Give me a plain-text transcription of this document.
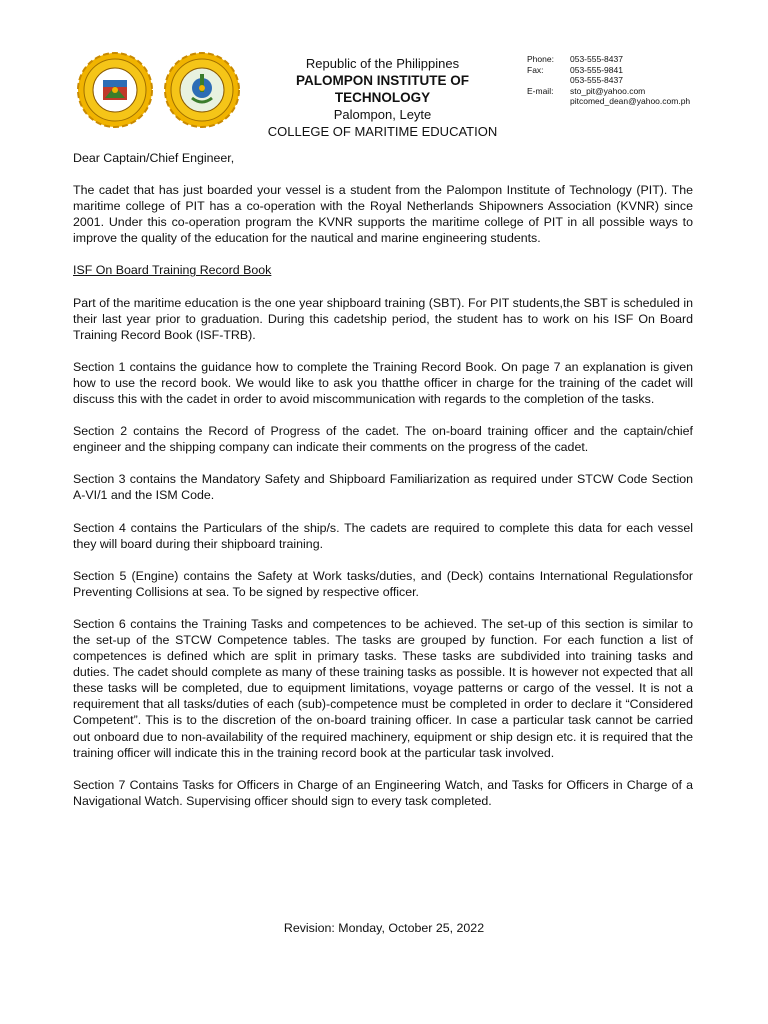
Republic of the Philippines
PALOMPON INSTITUTE OF TECHNOLOGY
Palompon, Leyte
COLLEGE OF MARITIME EDUCATION
Phone:	053-555-8437
Fax:	053-555-9841
053-555-8437
E-mail:	sto_pit@yahoo.com
pitcomed_dean@yahoo.com.ph

Dear Captain/Chief Engineer,

The cadet that has just boarded your vessel is a student from the Palompon Institute of Technology (PIT). The maritime college of PIT has a co-operation with the Royal Netherlands Shipowners Association (KVNR) since 2001. Under this co-operation program the KVNR supports the maritime college of PIT in all possible ways to improve the quality of the education for the nautical and marine engineering students.

ISF On Board Training Record Book

Part of the maritime education is the one year shipboard training (SBT). For PIT students,the SBT is scheduled in their last year prior to graduation. During this cadetship period, the student has to work on his ISF On Board Training Record Book (ISF-TRB).

Section 1 contains the guidance how to complete the Training Record Book. On page 7 an explanation is given how to use the record book. We would like to ask you thatthe officer in charge for the training of the cadet will discuss this with the cadet in order to avoid miscommunication with regards to the completion of the tasks.

Section 2 contains the Record of Progress of the cadet. The on-board training officer and the captain/chief engineer and the shipping company can indicate their comments on the progress of the cadet.

Section 3 contains the Mandatory Safety and Shipboard Familiarization as required under STCW Code Section A-VI/1 and the ISM Code.

Section 4 contains the Particulars of the ship/s. The cadets are required to complete this data for each vessel they will board during their shipboard training.

Section 5 (Engine) contains the Safety at Work tasks/duties, and (Deck) contains International Regulationsfor Preventing Collisions at sea. To be signed by respective officer.

Section 6 contains the Training Tasks and competences to be achieved. The set-up of this section is similar to the set-up of the STCW Competence tables. The tasks are grouped by function. For each function a list of competences is defined which are split in primary tasks. These tasks are subdivided into training tasks and duties. The cadet should complete as many of these training tasks as possible. It is however not expected that all these tasks will be completed, due to equipment limitations, voyage patterns or cargo of the vessel. It is not a requirement that all tasks/duties of each (sub)-competence must be completed in order to declare it “Considered Competent”. This is to the discretion of the on-board training officer. In case a particular task cannot be carried out onboard due to non-availability of the required machinery, equipment or ship design etc. it is required that the training officer will indicate this in the training record book at the particular task involved.

Section 7 Contains Tasks for Officers in Charge of an Engineering Watch, and Tasks for Officers in Charge of a Navigational Watch. Supervising officer should sign to every task completed.

Revision: Monday, October 25, 2022
